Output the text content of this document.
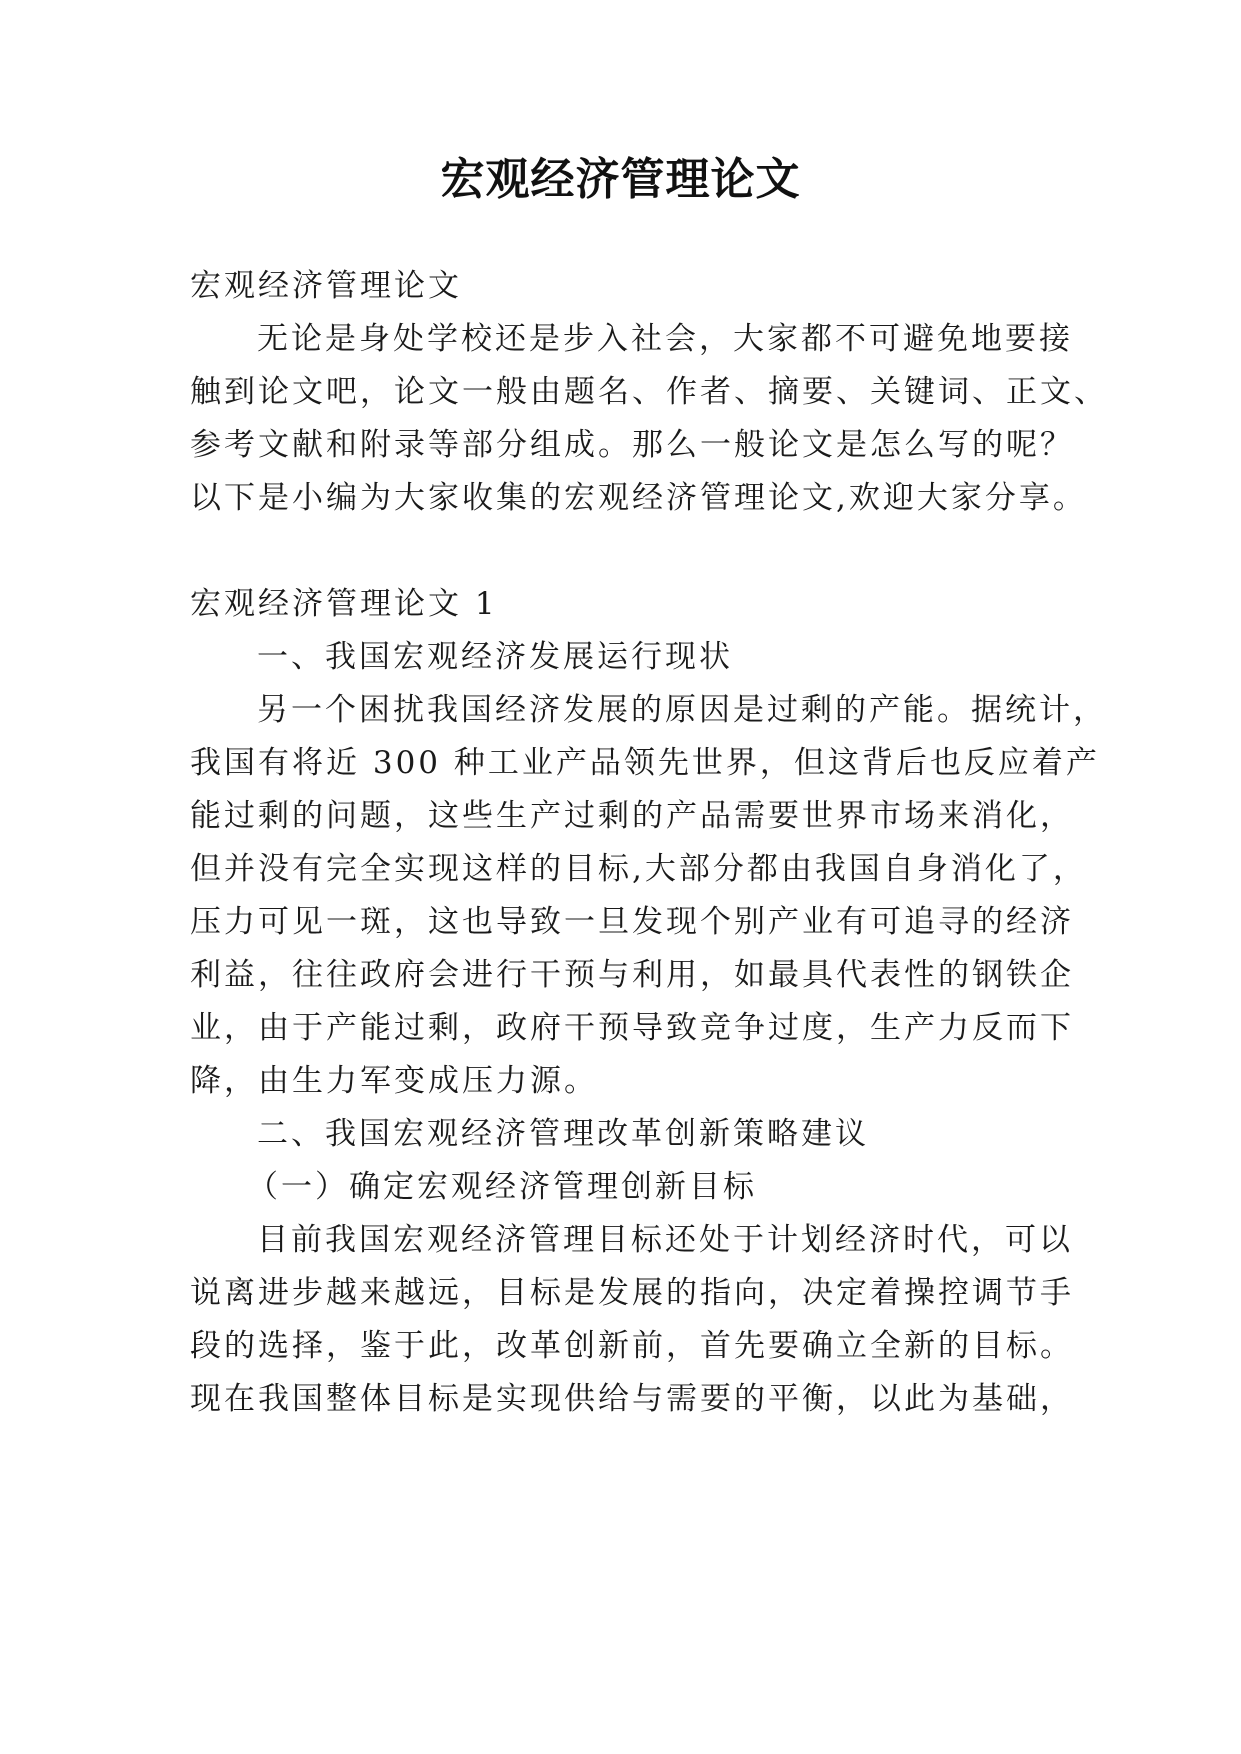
宏观经济管理论文
宏观经济管理论文
无论是身处学校还是步入社会，大家都不可避免地要接
触到论文吧，论文一般由题名、作者、摘要、关键词、正文、
参考文献和附录等部分组成。那么一般论文是怎么写的呢？
以下是小编为大家收集的宏观经济管理论文,欢迎大家分享。
宏观经济管理论文 1
一、我国宏观经济发展运行现状
另一个困扰我国经济发展的原因是过剩的产能。据统计，
我国有将近 300 种工业产品领先世界，但这背后也反应着产
能过剩的问题，这些生产过剩的产品需要世界市场来消化，
但并没有完全实现这样的目标,大部分都由我国自身消化了，
压力可见一斑，这也导致一旦发现个别产业有可追寻的经济
利益，往往政府会进行干预与利用，如最具代表性的钢铁企
业，由于产能过剩，政府干预导致竞争过度，生产力反而下
降，由生力军变成压力源。
二、我国宏观经济管理改革创新策略建议
（一）确定宏观经济管理创新目标
目前我国宏观经济管理目标还处于计划经济时代，可以
说离进步越来越远，目标是发展的指向，决定着操控调节手
段的选择，鉴于此，改革创新前，首先要确立全新的目标。
现在我国整体目标是实现供给与需要的平衡，以此为基础，
